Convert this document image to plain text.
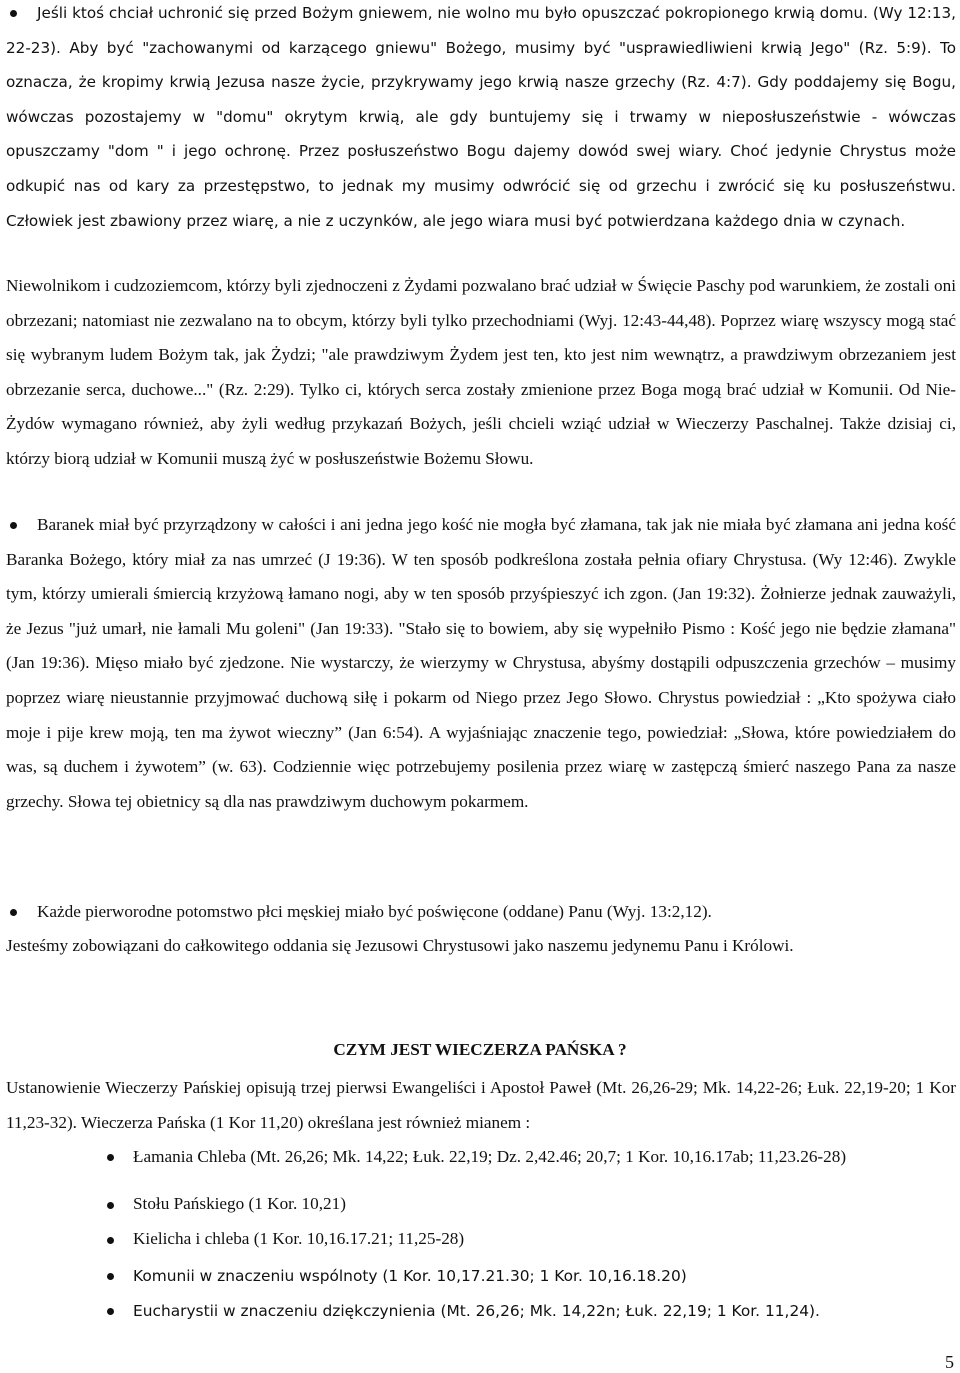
Jeśli ktoś chciał uchronić się przed Bożym gniewem, nie wolno mu było opuszczać pokropionego krwią domu. (Wy 12:13, 22-23). Aby być "zachowanymi od karzącego gniewu" Bożego, musimy być "usprawiedliwieni krwią Jego" (Rz. 5:9). To oznacza, że kropimy krwią Jezusa nasze życie, przykrywamy jego krwią nasze grzechy (Rz. 4:7). Gdy poddajemy się Bogu, wówczas pozostajemy w "domu" okrytym krwią, ale gdy buntujemy się i trwamy w nieposłuszeństwie - wówczas opuszczamy "dom " i jego ochronę. Przez posłuszeństwo Bogu dajemy dowód swej wiary. Choć jedynie Chrystus może odkupić nas od kary za przestępstwo, to jednak my musimy odwrócić się od grzechu i zwrócić się ku posłuszeństwu. Człowiek jest zbawiony przez wiarę, a nie z uczynków, ale jego wiara musi być potwierdzana każdego dnia w czynach.

Niewolnikom i cudzoziemcom, którzy byli zjednoczeni z Żydami pozwalano brać udział w Święcie Paschy pod warunkiem, że zostali oni obrzezani; natomiast nie zezwalano na to obcym, którzy byli tylko przechodniami (Wyj. 12:43-44,48). Poprzez wiarę wszyscy mogą stać się wybranym ludem Bożym tak, jak Żydzi; "ale prawdziwym Żydem jest ten, kto jest nim wewnątrz, a prawdziwym obrzezaniem jest obrzezanie serca, duchowe..." (Rz. 2:29). Tylko ci, których serca zostały zmienione przez Boga mogą brać udział w Komunii. Od Nie-Żydów wymagano również, aby żyli według przykazań Bożych, jeśli chcieli wziąć udział w Wieczerzy Paschalnej. Także dzisiaj ci, którzy biorą udział w Komunii muszą żyć w posłuszeństwie Bożemu Słowu.

Baranek miał być przyrządzony w całości i ani jedna jego kość nie mogła być złamana, tak jak nie miała być złamana ani jedna kość Baranka Bożego, który miał za nas umrzeć (J 19:36). W ten sposób podkreślona została pełnia ofiary Chrystusa. (Wy 12:46). Zwykle tym, którzy umierali śmiercią krzyżową łamano nogi, aby w ten sposób przyśpieszyć ich zgon. (Jan 19:32). Żołnierze jednak zauważyli, że Jezus "już umarł, nie łamali Mu goleni" (Jan 19:33). "Stało się to bowiem, aby się wypełniło Pismo : Kość jego nie będzie złamana" (Jan 19:36). Mięso miało być zjedzone. Nie wystarczy, że wierzymy w Chrystusa, abyśmy dostąpili odpuszczenia grzechów – musimy poprzez wiarę nieustannie przyjmować duchową siłę i pokarm od Niego przez Jego Słowo. Chrystus powiedział : „Kto spożywa ciało moje i pije krew moją, ten ma żywot wieczny” (Jan 6:54). A wyjaśniając znaczenie tego, powiedział: „Słowa, które powiedziałem do was, są duchem i żywotem” (w. 63). Codziennie więc potrzebujemy posilenia przez wiarę w zastępczą śmierć naszego Pana za nasze grzechy. Słowa tej obietnicy są dla nas prawdziwym duchowym pokarmem.

Każde pierworodne potomstwo płci męskiej miało być poświęcone (oddane) Panu (Wyj. 13:2,12).

Jesteśmy zobowiązani do całkowitego oddania się Jezusowi Chrystusowi jako naszemu jedynemu Panu i Królowi.

CZYM JEST WIECZERZA PAŃSKA ?

Ustanowienie Wieczerzy Pańskiej opisują trzej pierwsi Ewangeliści i Apostoł Paweł (Mt. 26,26-29; Mk. 14,22-26; Łuk. 22,19-20; 1 Kor 11,23-32). Wieczerza Pańska (1 Kor 11,20) określana jest również mianem :

Łamania Chleba (Mt. 26,26; Mk. 14,22; Łuk. 22,19; Dz. 2,42.46; 20,7; 1 Kor. 10,16.17ab; 11,23.26-28)

Stołu Pańskiego (1 Kor. 10,21)

Kielicha i chleba (1 Kor. 10,16.17.21; 11,25-28)

Komunii w znaczeniu wspólnoty (1 Kor. 10,17.21.30; 1 Kor. 10,16.18.20)

Eucharystii w znaczeniu dziękczynienia (Mt. 26,26; Mk. 14,22n; Łuk. 22,19; 1 Kor. 11,24).

5
